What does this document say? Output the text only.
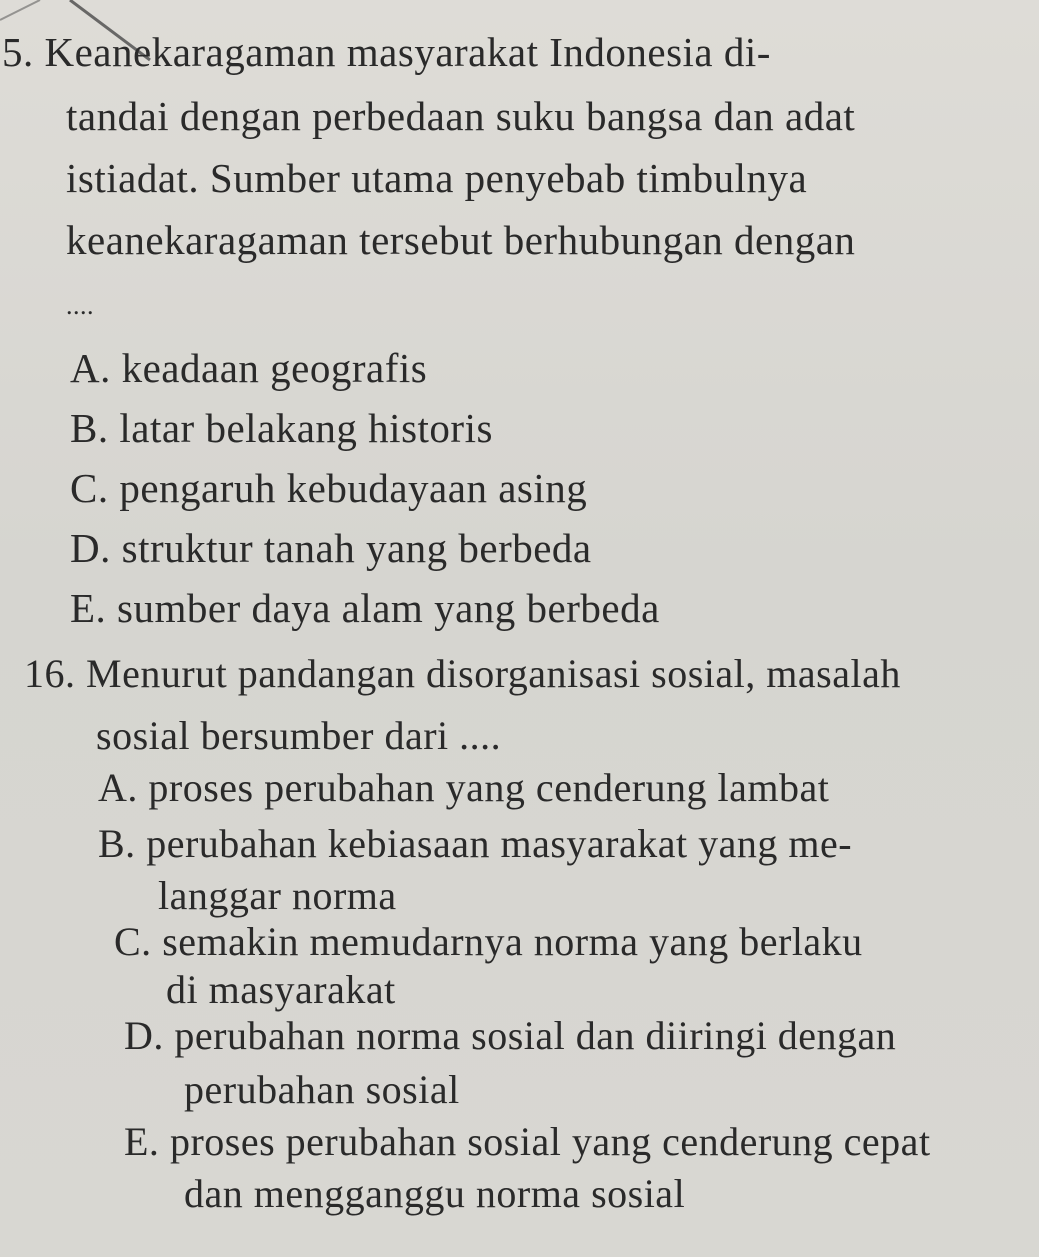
5. Keanekaragaman masyarakat Indonesia di-
tandai dengan perbedaan suku bangsa dan adat
istiadat. Sumber utama penyebab timbulnya
keanekaragaman tersebut berhubungan dengan
....
A. keadaan geografis
B. latar belakang historis
C. pengaruh kebudayaan asing
D. struktur tanah yang berbeda
E. sumber daya alam yang berbeda
16. Menurut pandangan disorganisasi sosial, masalah
sosial bersumber dari ....
A. proses perubahan yang cenderung lambat
B. perubahan kebiasaan masyarakat yang me-
langgar norma
C. semakin memudarnya norma yang berlaku
di masyarakat
D. perubahan norma sosial dan diiringi dengan
perubahan sosial
E. proses perubahan sosial yang cenderung cepat
dan mengganggu norma sosial
